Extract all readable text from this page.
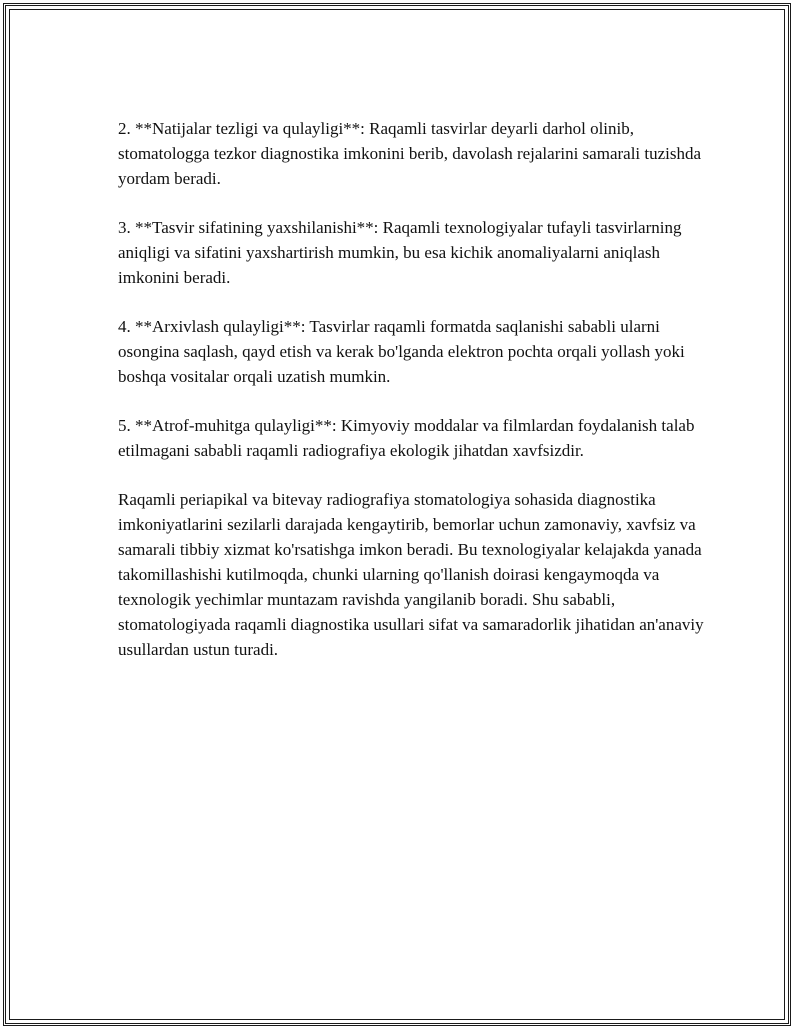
2. **Natijalar tezligi va qulayligi**: Raqamli tasvirlar deyarli darhol olinib, stomatologga tezkor diagnostika imkonini berib, davolash rejalarini samarali tuzishda yordam beradi.

3. **Tasvir sifatining yaxshilanishi**: Raqamli texnologiyalar tufayli tasvirlarning aniqligi va sifatini yaxshartirish mumkin, bu esa kichik anomaliyalarni aniqlash imkonini beradi.

4. **Arxivlash qulayligi**: Tasvirlar raqamli formatda saqlanishi sababli ularni osongina saqlash, qayd etish va kerak bo'lganda elektron pochta orqali yollash yoki boshqa vositalar orqali uzatish mumkin.

5. **Atrof-muhitga qulayligi**: Kimyoviy moddalar va filmlardan foydalanish talab etilmagani sababli raqamli radiografiya ekologik jihatdan xavfsizdir.

Raqamli periapikal va bitevay radiografiya stomatologiya sohasida diagnostika imkoniyatlarini sezilarli darajada kengaytirib, bemorlar uchun zamonaviy, xavfsiz va samarali tibbiy xizmat ko'rsatishga imkon beradi. Bu texnologiyalar kelajakda yanada takomillashishi kutilmoqda, chunki ularning qo'llanish doirasi kengaymoqda va texnologik yechimlar muntazam ravishda yangilanib boradi. Shu sababli, stomatologiyada raqamli diagnostika usullari sifat va samaradorlik jihatidan an'anaviy usullardan ustun turadi.
